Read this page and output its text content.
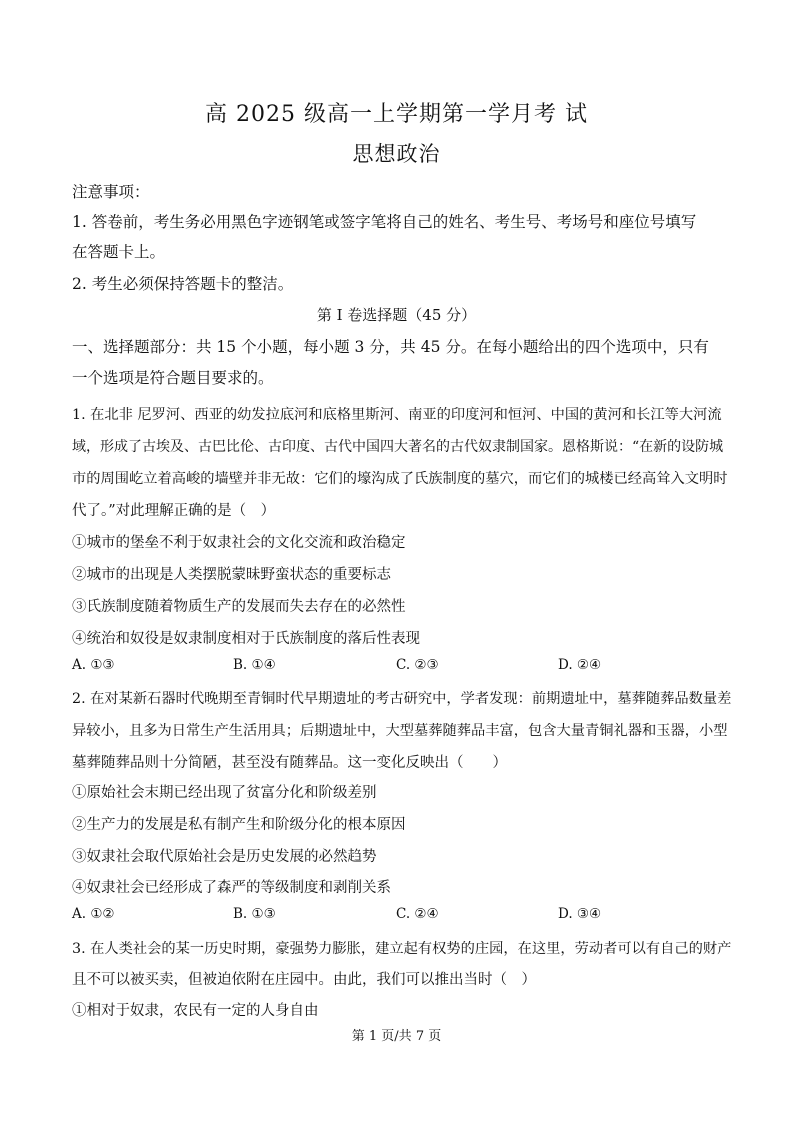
高 2025 级高一上学期第一学月考 试
思想政治
注意事项：
1. 答卷前，考生务必用黑色字迹钢笔或签字笔将自己的姓名、考生号、考场号和座位号填写
在答题卡上。
2. 考生必须保持答题卡的整洁。
第 I 卷选择题（45 分）
一、选择题部分：共 15 个小题，每小题 3 分，共 45 分。在每小题给出的四个选项中，只有
一个选项是符合题目要求的。
1. 在北非 尼罗河、西亚的幼发拉底河和底格里斯河、南亚的印度河和恒河、中国的黄河和长江等大河流
域，形成了古埃及、古巴比伦、古印度、古代中国四大著名的古代奴隶制国家。恩格斯说：“在新的设防城
市的周围屹立着高峻的墙壁并非无故：它们的壕沟成了氏族制度的墓穴，而它们的城楼已经高耸入文明时
代了。”对此理解正确的是（　）
①城市的堡垒不利于奴隶社会的文化交流和政治稳定
②城市的出现是人类摆脱蒙昧野蛮状态的重要标志
③氏族制度随着物质生产的发展而失去存在的必然性
④统治和奴役是奴隶制度相对于氏族制度的落后性表现
A. ①③	B. ①④	C. ②③	D. ②④
2. 在对某新石器时代晚期至青铜时代早期遗址的考古研究中，学者发现：前期遗址中，墓葬随葬品数量差
异较小，且多为日常生产生活用具；后期遗址中，大型墓葬随葬品丰富，包含大量青铜礼器和玉器，小型
墓葬随葬品则十分简陋，甚至没有随葬品。这一变化反映出（　　）
①原始社会末期已经出现了贫富分化和阶级差别
②生产力的发展是私有制产生和阶级分化的根本原因
③奴隶社会取代原始社会是历史发展的必然趋势
④奴隶社会已经形成了森严的等级制度和剥削关系
A. ①②	B. ①③	C. ②④	D. ③④
3. 在人类社会的某一历史时期，豪强势力膨胀，建立起有权势的庄园，在这里，劳动者可以有自己的财产
且不可以被买卖，但被迫依附在庄园中。由此，我们可以推出当时（　）
①相对于奴隶，农民有一定的人身自由
第 1 页/共 7 页
